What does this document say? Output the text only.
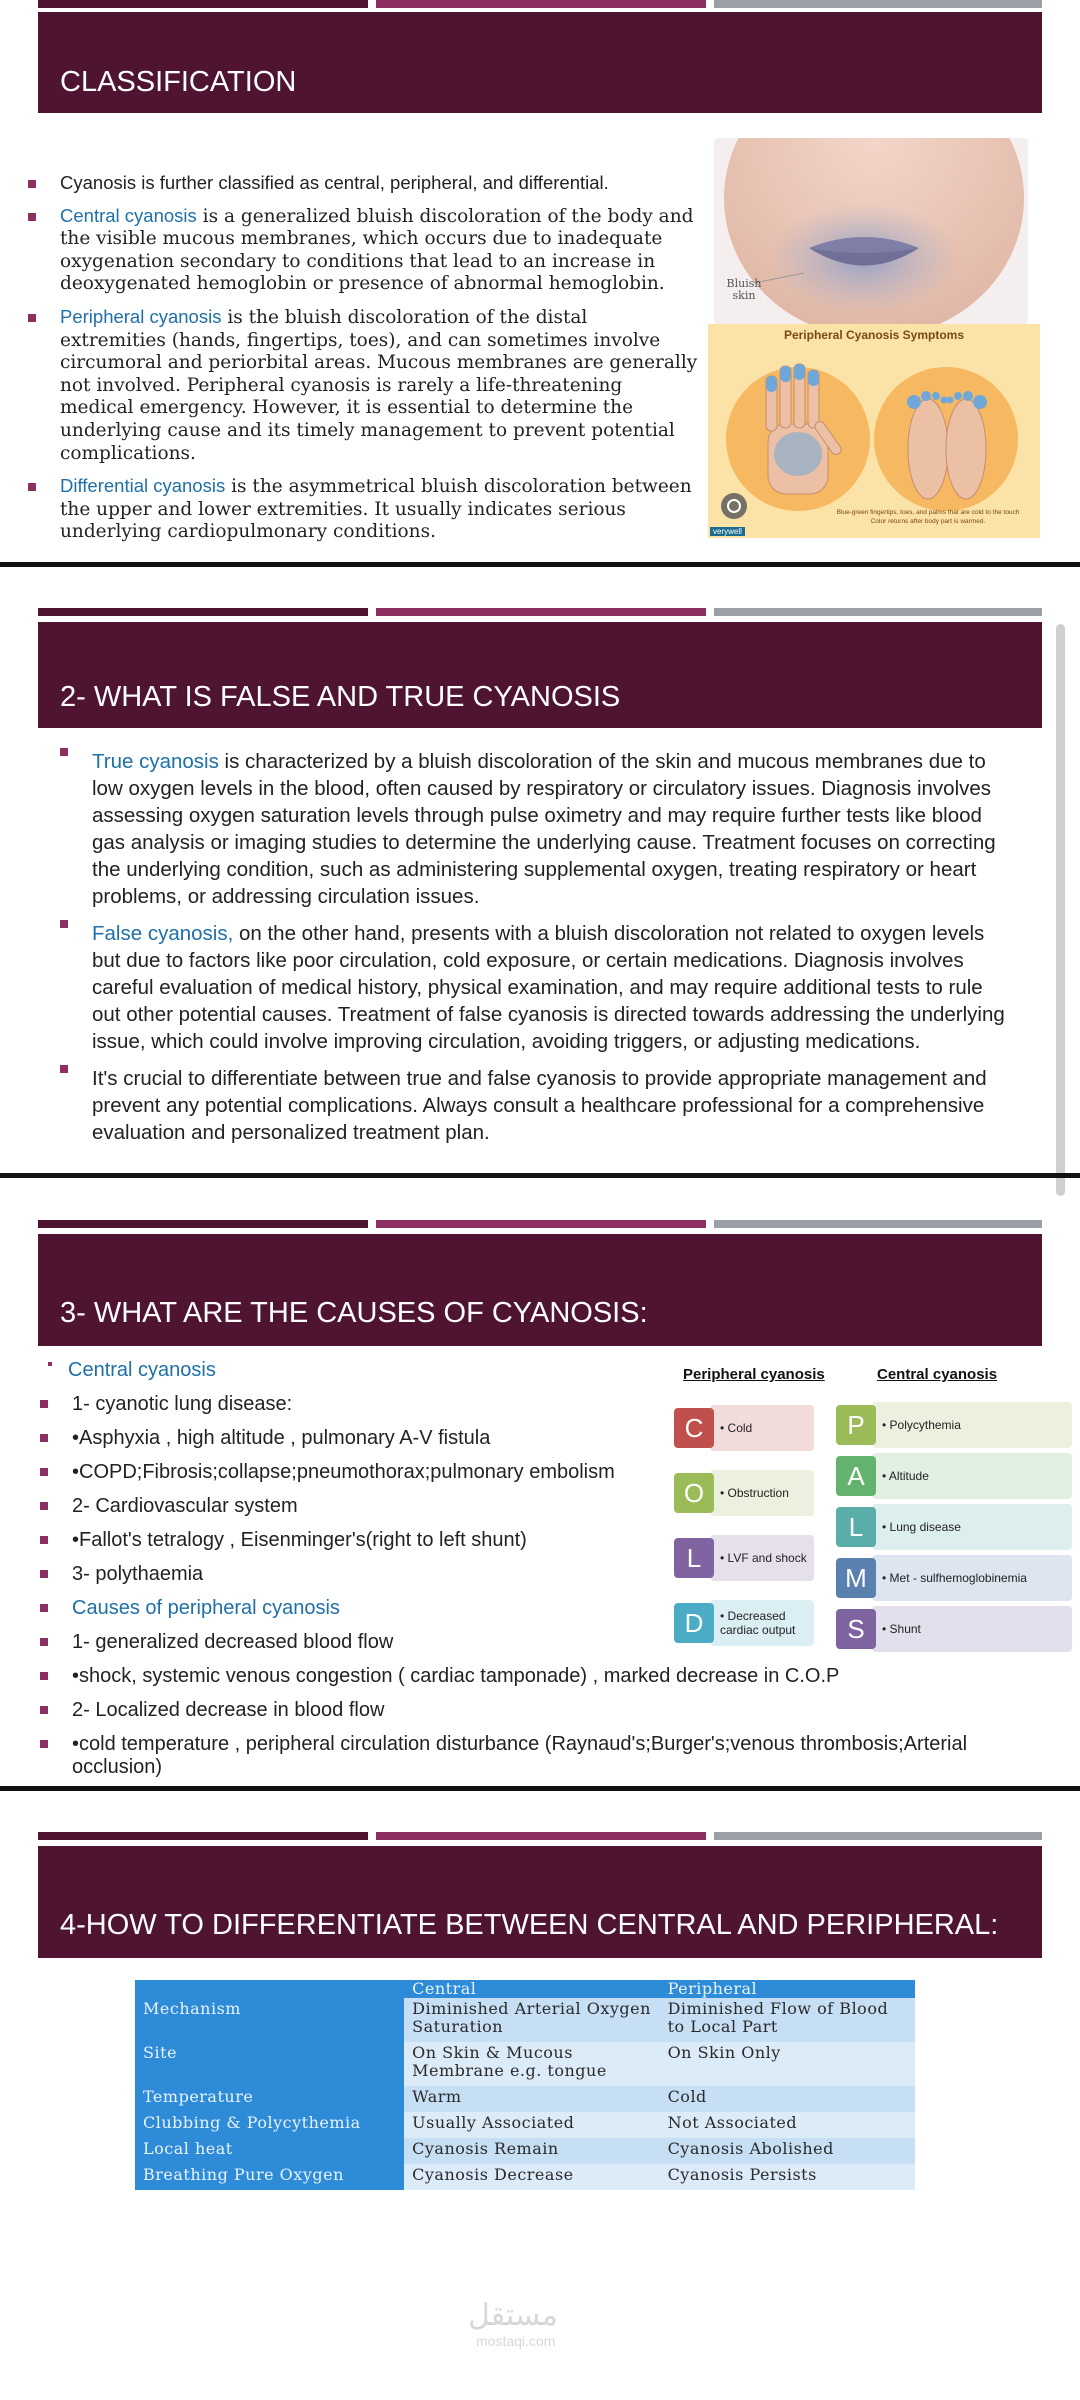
CLASSIFICATION
Cyanosis is further classified as central, peripheral, and differential.
Central cyanosis is a generalized bluish discoloration of the body and the visible mucous membranes, which occurs due to inadequate oxygenation secondary to conditions that lead to an increase in deoxygenated hemoglobin or presence of abnormal hemoglobin.
Peripheral cyanosis is the bluish discoloration of the distal extremities (hands, fingertips, toes), and can sometimes involve circumoral and periorbital areas. Mucous membranes are generally not involved. Peripheral cyanosis is rarely a life-threatening medical emergency. However, it is essential to determine the underlying cause and its timely management to prevent potential complications.
Differential cyanosis is the asymmetrical bluish discoloration between the upper and lower extremities. It usually indicates serious underlying cardiopulmonary conditions.
Bluish skin
Peripheral Cyanosis Symptoms
Blue-green fingertips, toes, and palms that are cold to the touch
Color returns after body part is warmed.
verywell
2- WHAT IS FALSE AND TRUE CYANOSIS
True cyanosis is characterized by a bluish discoloration of the skin and mucous membranes due to low oxygen levels in the blood, often caused by respiratory or circulatory issues. Diagnosis involves assessing oxygen saturation levels through pulse oximetry and may require further tests like blood gas analysis or imaging studies to determine the underlying cause. Treatment focuses on correcting the underlying condition, such as administering supplemental oxygen, treating respiratory or heart problems, or addressing circulation issues.
False cyanosis, on the other hand, presents with a bluish discoloration not related to oxygen levels but due to factors like poor circulation, cold exposure, or certain medications. Diagnosis involves careful evaluation of medical history, physical examination, and may require additional tests to rule out other potential causes. Treatment of false cyanosis is directed towards addressing the underlying issue, which could involve improving circulation, avoiding triggers, or adjusting medications.
It's crucial to differentiate between true and false cyanosis to provide appropriate management and prevent any potential complications. Always consult a healthcare professional for a comprehensive evaluation and personalized treatment plan.
3- WHAT ARE THE CAUSES OF CYANOSIS:
Central cyanosis
1- cyanotic lung disease:
•Asphyxia , high altitude , pulmonary A-V fistula
•COPD;Fibrosis;collapse;pneumothorax;pulmonary embolism
2- Cardiovascular system
•Fallot's tetralogy , Eisenminger's(right to left shunt)
3- polythaemia
Causes of peripheral cyanosis
1- generalized decreased blood flow
•shock, systemic venous congestion ( cardiac tamponade) , marked decrease in C.O.P
2- Localized decrease in blood flow
•cold temperature , peripheral circulation disturbance (Raynaud's;Burger's;venous thrombosis;Arterial occlusion)
Peripheral cyanosis	Central cyanosis
C	• Cold
O	• Obstruction
L	• LVF and shock
D	• Decreased cardiac output
P	• Polycythemia
A	• Altitude
L	• Lung disease
M	• Met - sulfhemoglobinemia
S	• Shunt
4-HOW TO DIFFERENTIATE BETWEEN CENTRAL AND PERIPHERAL:
	Central	Peripheral
Mechanism	Diminished Arterial Oxygen Saturation	Diminished Flow of Blood to Local Part
Site	On Skin & Mucous Membrane e.g. tongue	On Skin Only
Temperature	Warm	Cold
Clubbing & Polycythemia	Usually Associated	Not Associated
Local heat	Cyanosis Remain	Cyanosis Abolished
Breathing Pure Oxygen	Cyanosis Decrease	Cyanosis Persists
مستقل
mostaqi.com
